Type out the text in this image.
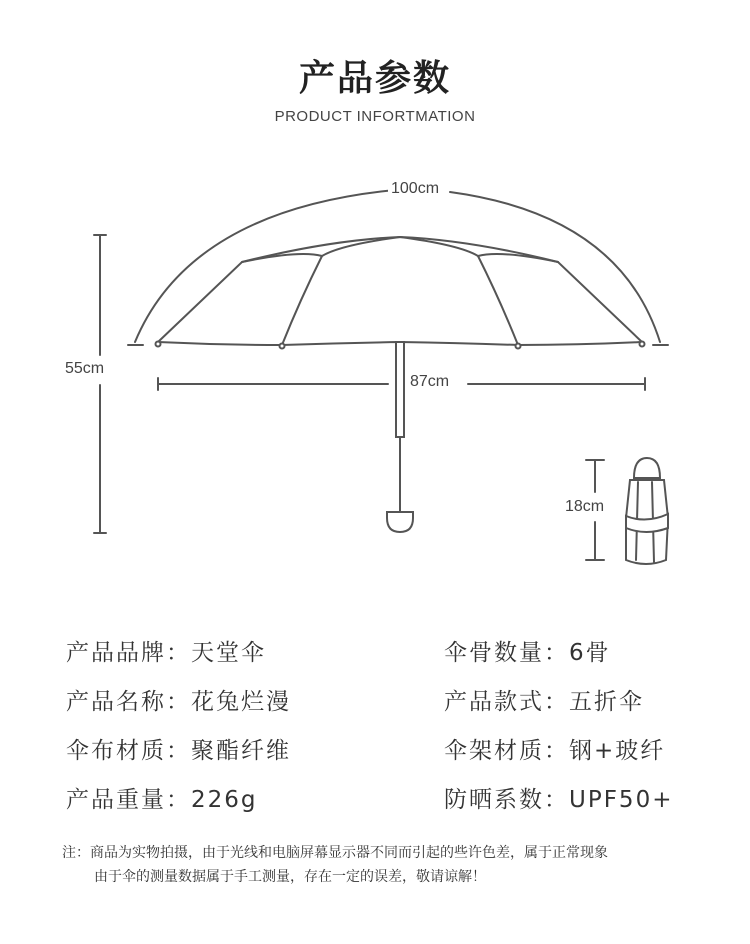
产品参数
PRODUCT INFORTMATION
100cm
55cm
87cm
18cm
产品品牌：天堂伞
产品名称：花兔烂漫
伞布材质：聚酯纤维
产品重量：226g
伞骨数量：6骨
产品款式：五折伞
伞架材质：钢+玻纤
防晒系数：UPF50+
注：商品为实物拍摄，由于光线和电脑屏幕显示器不同而引起的些许色差，属于正常现象
由于伞的测量数据属于手工测量，存在一定的误差，敬请谅解！
